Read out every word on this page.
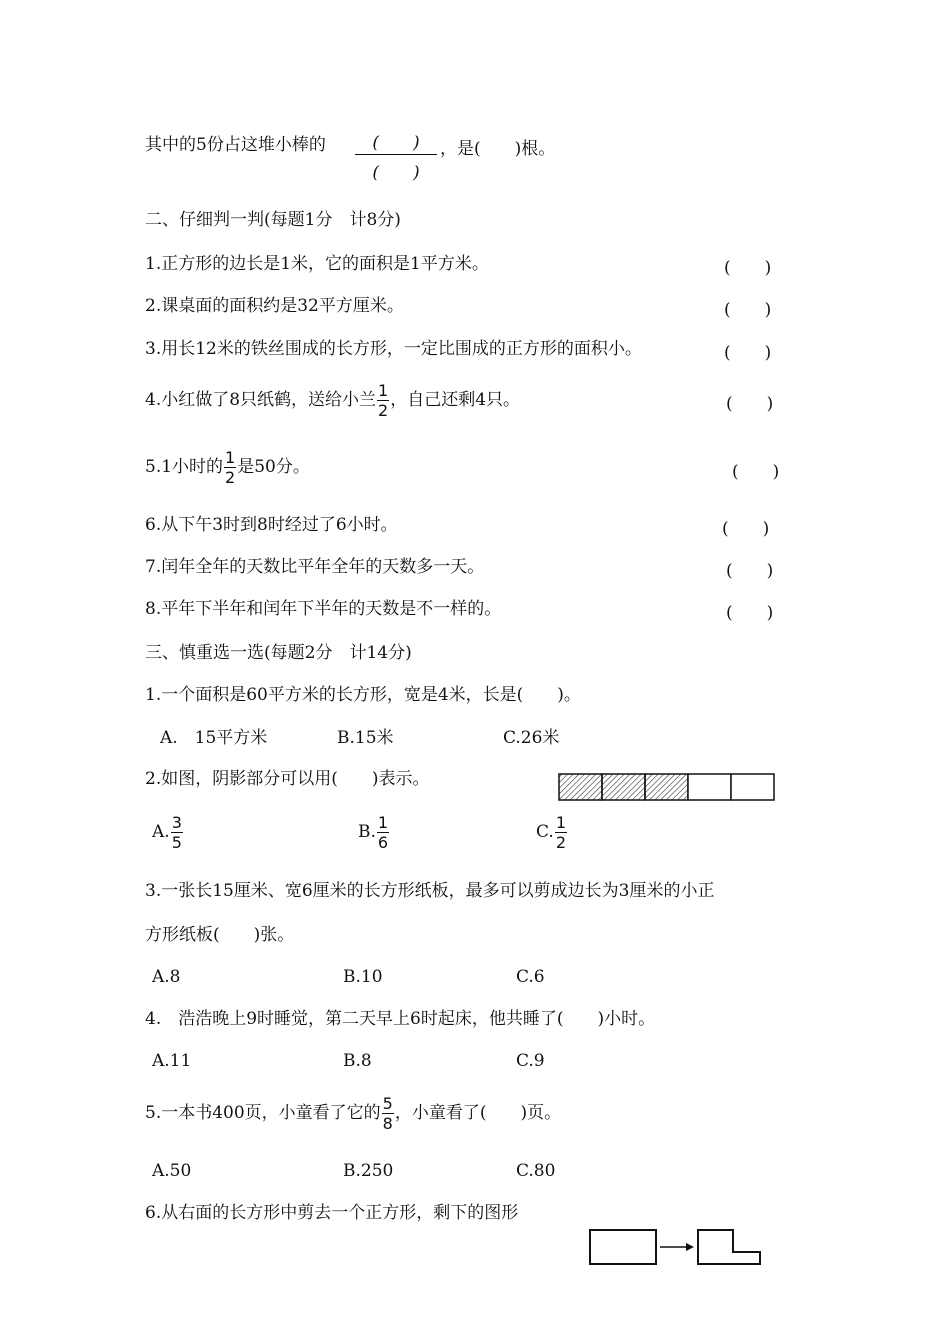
其中的5份占这堆小棒的	(　　)
(　　)
，是(　　)根。
二、仔细判一判(每题1分　计8分)
1.正方形的边长是1米，它的面积是1平方米。	(　　)
2.课桌面的面积约是32平方厘米。	(　　)
3.用长12米的铁丝围成的长方形，一定比围成的正方形的面积小。	(　　)
4.小红做了8只纸鹤，送给小兰 $\frac{1}{2}$ ，自己还剩4只。	(　　)
5.1小时的 $\frac{1}{2}$ 是50分。	(　　)
6.从下午3时到8时经过了6小时。	(　　)
7.闰年全年的天数比平年全年的天数多一天。	(　　)
8.平年下半年和闰年下半年的天数是不一样的。	(　　)
三、慎重选一选(每题2分　计14分)
1.一个面积是60平方米的长方形，宽是4米，长是(　　)。
A.　15平方米	B.15米	C.26米
2.如图，阴影部分可以用(　　)表示。
A. $\frac{3}{5}$	B. $\frac{1}{6}$	C. $\frac{1}{2}$
3.一张长15厘米、宽6厘米的长方形纸板，最多可以剪成边长为3厘米的小正
方形纸板(　　)张。
A.8	B.10	C.6
4.　浩浩晚上9时睡觉，第二天早上6时起床，他共睡了(　　)小时。
A.11	B.8	C.9
5.一本书400页，小童看了它的 $\frac{5}{8}$ ，小童看了(　　)页。
A.50	B.250	C.80
6.从右面的长方形中剪去一个正方形，剩下的图形
